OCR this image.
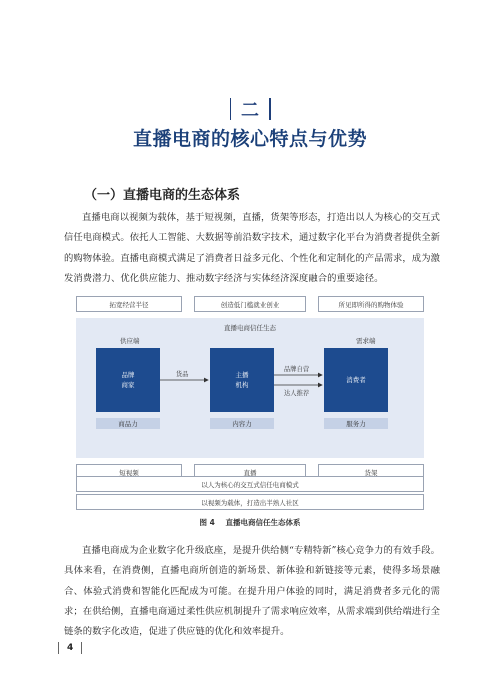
二
直播电商的核心特点与优势
（一）直播电商的生态体系

直播电商以视频为载体，基于短视频，直播，货架等形态，打造出以人为核心的交互式信任电商模式。依托人工智能、大数据等前沿数字技术，通过数字化平台为消费者提供全新的购物体验。直播电商模式满足了消费者日益多元化、个性化和定制化的产品需求，成为激发消费潜力、优化供应能力、推动数字经济与实体经济深度融合的重要途径。

拓宽经营半径	创造低门槛就业创业	所见即所得的购物体验
直播电商信任生态
供应端	需求端
品牌
商家
主播
机构
消费者
货品
品牌自营
达人推荐
商品力	内容力	服务力
短视频	直播	货架
以人为核心的交互式信任电商模式
以视频为载体，打造出半熟人社区
图 4 直播电商信任生态体系

直播电商成为企业数字化升级底座，是提升供给侧“专精特新”核心竞争力的有效手段。具体来看，在消费侧，直播电商所创造的新场景、新体验和新链接等元素，使得多场景融合、体验式消费和智能化匹配成为可能。在提升用户体验的同时，满足消费者多元化的需求；在供给侧，直播电商通过柔性供应机制提升了需求响应效率，从需求端到供给端进行全链条的数字化改造，促进了供应链的优化和效率提升。

4
